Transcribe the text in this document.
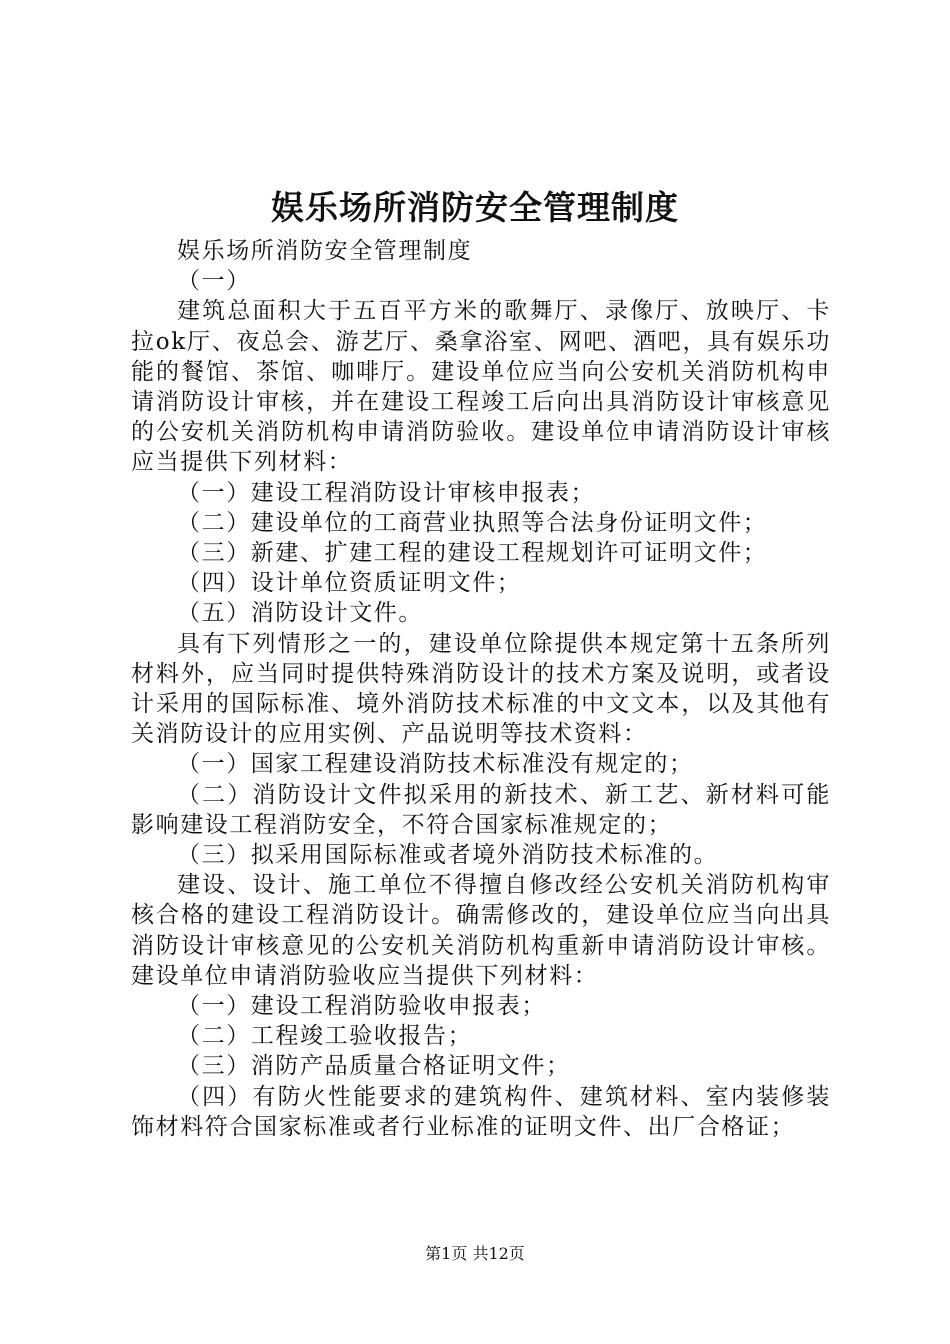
娱乐场所消防安全管理制度

娱乐场所消防安全管理制度

（一）

建筑总面积大于五百平方米的歌舞厅、录像厅、放映厅、卡拉ok厅、夜总会、游艺厅、桑拿浴室、网吧、酒吧，具有娱乐功能的餐馆、茶馆、咖啡厅。建设单位应当向公安机关消防机构申请消防设计审核，并在建设工程竣工后向出具消防设计审核意见的公安机关消防机构申请消防验收。建设单位申请消防设计审核应当提供下列材料：

（一）建设工程消防设计审核申报表；

（二）建设单位的工商营业执照等合法身份证明文件；

（三）新建、扩建工程的建设工程规划许可证明文件；

（四）设计单位资质证明文件；

（五）消防设计文件。

具有下列情形之一的，建设单位除提供本规定第十五条所列材料外，应当同时提供特殊消防设计的技术方案及说明，或者设计采用的国际标准、境外消防技术标准的中文文本，以及其他有关消防设计的应用实例、产品说明等技术资料：

（一）国家工程建设消防技术标准没有规定的；

（二）消防设计文件拟采用的新技术、新工艺、新材料可能影响建设工程消防安全，不符合国家标准规定的；

（三）拟采用国际标准或者境外消防技术标准的。

建设、设计、施工单位不得擅自修改经公安机关消防机构审核合格的建设工程消防设计。确需修改的，建设单位应当向出具消防设计审核意见的公安机关消防机构重新申请消防设计审核。建设单位申请消防验收应当提供下列材料：

（一）建设工程消防验收申报表；

（二）工程竣工验收报告；

（三）消防产品质量合格证明文件；

（四）有防火性能要求的建筑构件、建筑材料、室内装修装饰材料符合国家标准或者行业标准的证明文件、出厂合格证；

第1页 共12页
